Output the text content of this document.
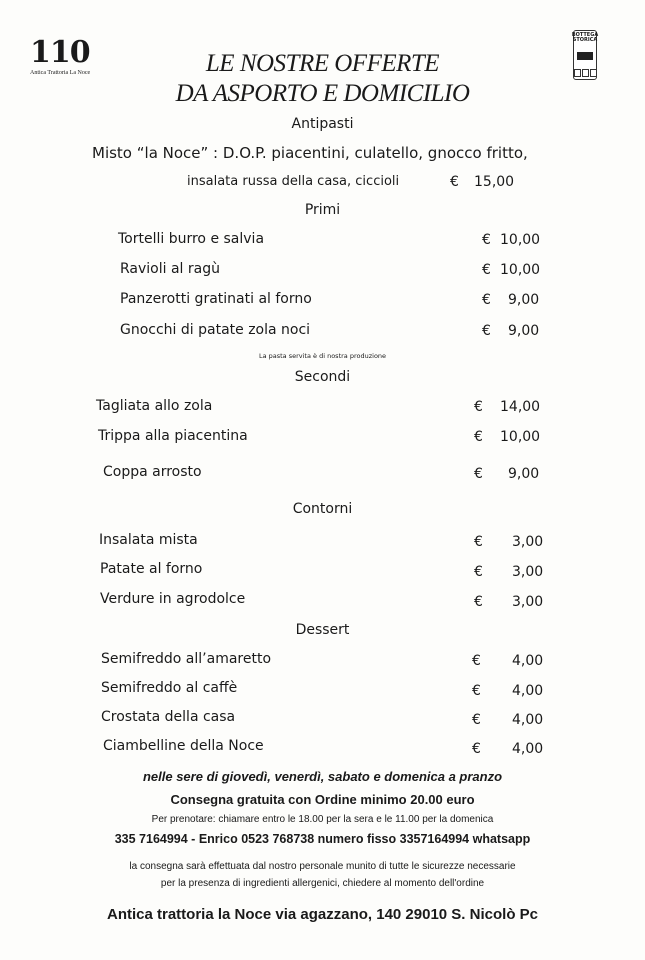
110
Antica Trattoria La Noce
BOTTEGA STORICA
LE NOSTRE OFFERTE
DA ASPORTO E DOMICILIO
Antipasti
Misto “la Noce” : D.O.P. piacentini, culatello, gnocco fritto,
insalata russa della casa, ciccioli	€ 15,00
Primi
Tortelli burro e salvia	€ 10,00
Ravioli al ragù	€ 10,00
Panzerotti gratinati al forno	€ 9,00
Gnocchi di patate zola noci	€ 9,00
La pasta servita è di nostra produzione
Secondi
Tagliata allo zola	€ 14,00
Trippa alla piacentina	€ 10,00
Coppa arrosto	€ 9,00
Contorni
Insalata mista	€ 3,00
Patate al forno	€ 3,00
Verdure in agrodolce	€ 3,00
Dessert
Semifreddo all’amaretto	€ 4,00
Semifreddo al caffè	€ 4,00
Crostata della casa	€ 4,00
Ciambelline della Noce	€ 4,00
nelle sere di giovedì, venerdì, sabato e domenica a pranzo
Consegna gratuita con Ordine minimo 20.00 euro
Per prenotare: chiamare entro le 18.00 per la sera e le 11.00 per la domenica
335 7164994 - Enrico 0523 768738 numero fisso 3357164994 whatsapp
la consegna sarà effettuata dal nostro personale munito di tutte le sicurezze necessarie
per la presenza di ingredienti allergenici, chiedere al momento dell'ordine
Antica trattoria la Noce via agazzano, 140 29010 S. Nicolò Pc
